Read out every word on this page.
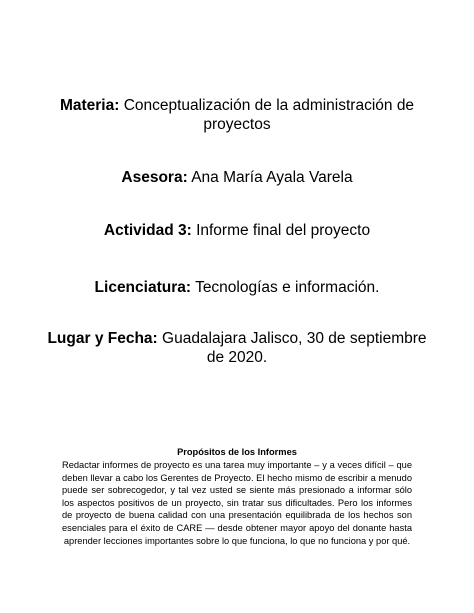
Materia: Conceptualización de la administración de proyectos
Asesora: Ana María Ayala Varela
Actividad 3: Informe final del proyecto
Licenciatura: Tecnologías e información.
Lugar y Fecha: Guadalajara Jalisco, 30 de septiembre de 2020.
Propósitos de los Informes
Redactar informes de proyecto es una tarea muy importante – y a veces difícil – que deben llevar a cabo los Gerentes de Proyecto. El hecho mismo de escribir a menudo puede ser sobrecogedor, y tal vez usted se siente más presionado a informar sólo los aspectos positivos de un proyecto, sin tratar sus dificultades. Pero los informes de proyecto de buena calidad con una presentación equilibrada de los hechos son esenciales para el éxito de CARE — desde obtener mayor apoyo del donante hasta aprender lecciones importantes sobre lo que funciona, lo que no funciona y por qué.
